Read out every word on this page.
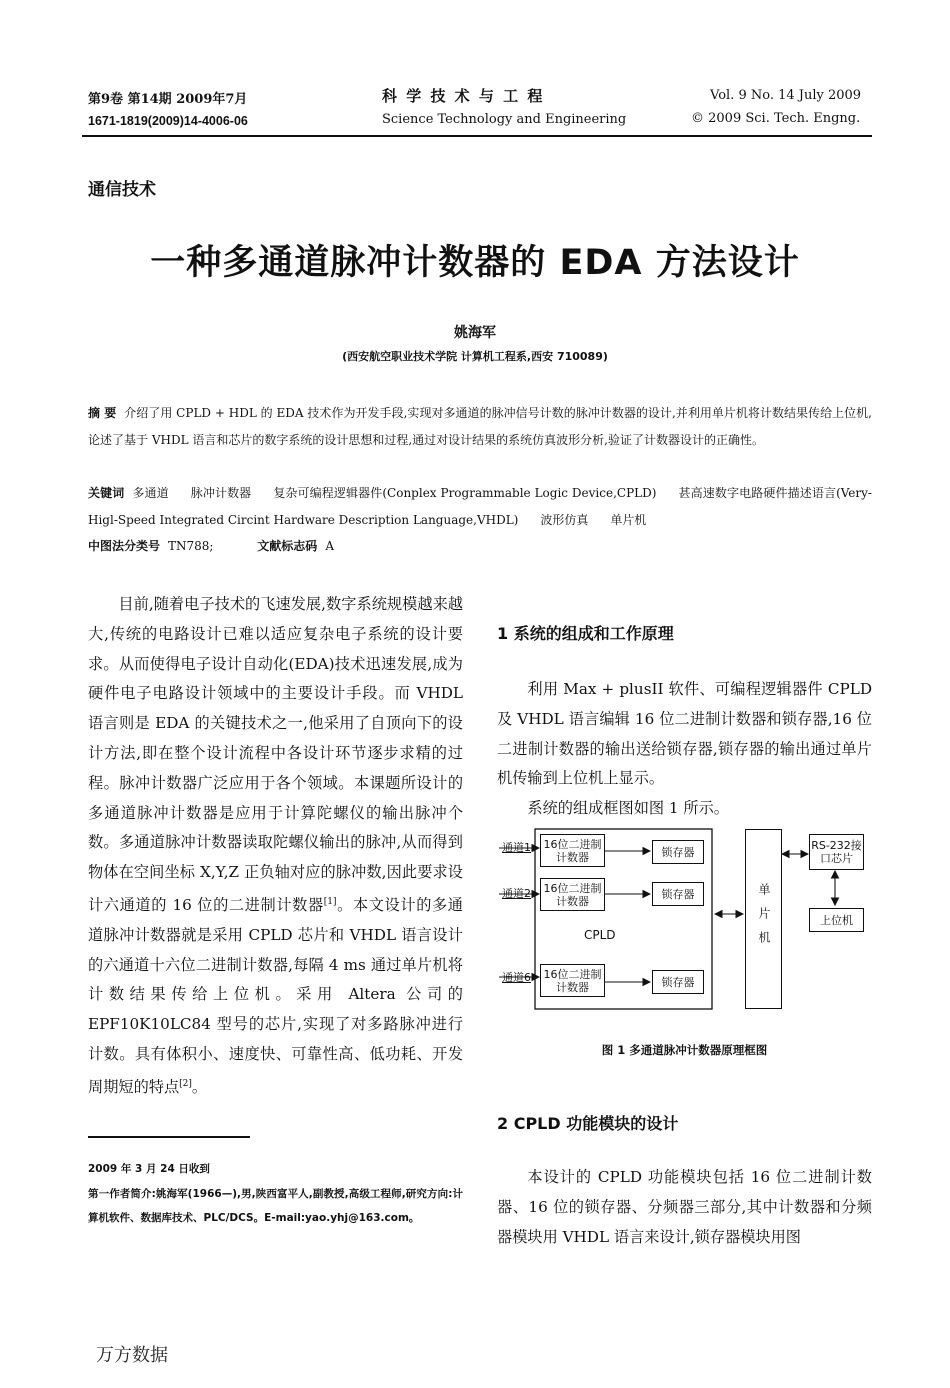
第9卷 第14期 2009年7月
1671-1819(2009)14-4006-06
科 学 技 术 与 工 程
Science Technology and Engineering
Vol. 9 No. 14 July 2009
© 2009 Sci. Tech. Engng.
通信技术
一种多通道脉冲计数器的 EDA 方法设计
姚海军
(西安航空职业技术学院 计算机工程系,西安 710089)
摘 要 介绍了用 CPLD + HDL 的 EDA 技术作为开发手段,实现对多通道的脉冲信号计数的脉冲计数器的设计,并利用单片机将计数结果传给上位机,论述了基于 VHDL 语言和芯片的数字系统的设计思想和过程,通过对设计结果的系统仿真波形分析,验证了计数器设计的正确性。
关键词 多通道 脉冲计数器 复杂可编程逻辑器件(Conplex Programmable Logic Device,CPLD) 甚高速数字电路硬件描述语言(Very-Higl-Speed Integrated Circint Hardware Description Language,VHDL) 波形仿真 单片机
中图法分类号 TN788;	文献标志码 A

目前,随着电子技术的飞速发展,数字系统规模越来越大,传统的电路设计已难以适应复杂电子系统的设计要求。从而使得电子设计自动化(EDA)技术迅速发展,成为硬件电子电路设计领域中的主要设计手段。而 VHDL 语言则是 EDA 的关键技术之一,他采用了自顶向下的设计方法,即在整个设计流程中各设计环节逐步求精的过程。脉冲计数器广泛应用于各个领域。本课题所设计的多通道脉冲计数器是应用于计算陀螺仪的输出脉冲个数。多通道脉冲计数器读取陀螺仪输出的脉冲,从而得到物体在空间坐标 X,Y,Z 正负轴对应的脉冲数,因此要求设计六通道的 16 位的二进制计数器[1]。本文设计的多通道脉冲计数器就是采用 CPLD 芯片和 VHDL 语言设计的六通道十六位二进制计数器,每隔 4 ms 通过单片机将计数结果传给上位机。采用 Altera 公司的 EPF10K10LC84 型号的芯片,实现了对多路脉冲进行计数。具有体积小、速度快、可靠性高、低功耗、开发周期短的特点[2]。

2009 年 3 月 24 日收到
第一作者简介:姚海军(1966—),男,陕西富平人,副教授,高级工程师,研究方向:计算机软件、数据库技术、PLC/DCS。E-mail:yao.yhj@163.com。
1 系统的组成和工作原理

利用 Max + plusII 软件、可编程逻辑器件 CPLD 及 VHDL 语言编辑 16 位二进制计数器和锁存器,16 位二进制计数器的输出送给锁存器,锁存器的输出通过单片机传输到上位机上显示。

系统的组成框图如图 1 所示。

通道1
通道2
通道6
16位二进制计数器
16位二进制计数器
16位二进制计数器
锁存器
锁存器
锁存器
CPLD	单片机
RS-232接口芯片
上位机
图 1 多通道脉冲计数器原理框图
2 CPLD 功能模块的设计

本设计的 CPLD 功能模块包括 16 位二进制计数器、16 位的锁存器、分频器三部分,其中计数器和分频器模块用 VHDL 语言来设计,锁存器模块用图

万方数据
